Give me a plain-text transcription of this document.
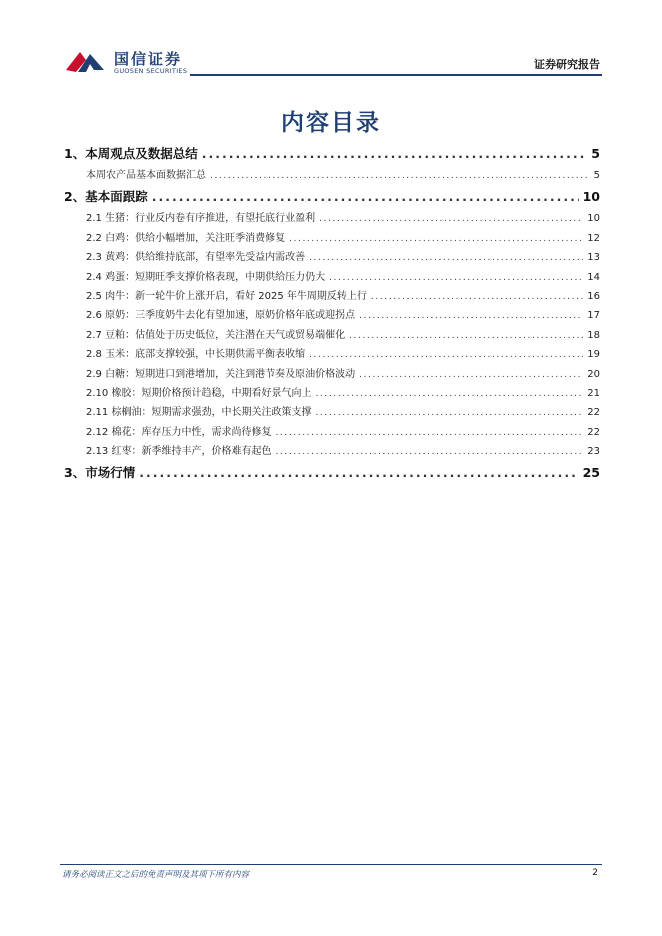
国信证券
GUOSEN SECURITIES	证券研究报告
内容目录
1、本周观点及数据总结 .....	5
本周农产品基本面数据汇总 .....	5
2、基本面跟踪 .....	10
2.1 生猪：行业反内卷有序推进，有望托底行业盈利 .....	10
2.2 白鸡：供给小幅增加，关注旺季消费修复 .....	12
2.3 黄鸡：供给维持底部，有望率先受益内需改善 .....	13
2.4 鸡蛋：短期旺季支撑价格表现，中期供给压力仍大 .....	14
2.5 肉牛：新一轮牛价上涨开启，看好 2025 年牛周期反转上行 .....	16
2.6 原奶：三季度奶牛去化有望加速，原奶价格年底或迎拐点 .....	17
2.7 豆粕：估值处于历史低位，关注潜在天气或贸易端催化 .....	18
2.8 玉米：底部支撑较强，中长期供需平衡表收缩 .....	19
2.9 白糖：短期进口到港增加，关注到港节奏及原油价格波动 .....	20
2.10 橡胶：短期价格预计趋稳，中期看好景气向上 .....	21
2.11 棕榈油：短期需求强劲，中长期关注政策支撑 .....	22
2.12 棉花：库存压力中性，需求尚待修复 .....	22
2.13 红枣：新季维持丰产，价格难有起色 .....	23
3、市场行情 .....	25
请务必阅读正文之后的免责声明及其项下所有内容	2
